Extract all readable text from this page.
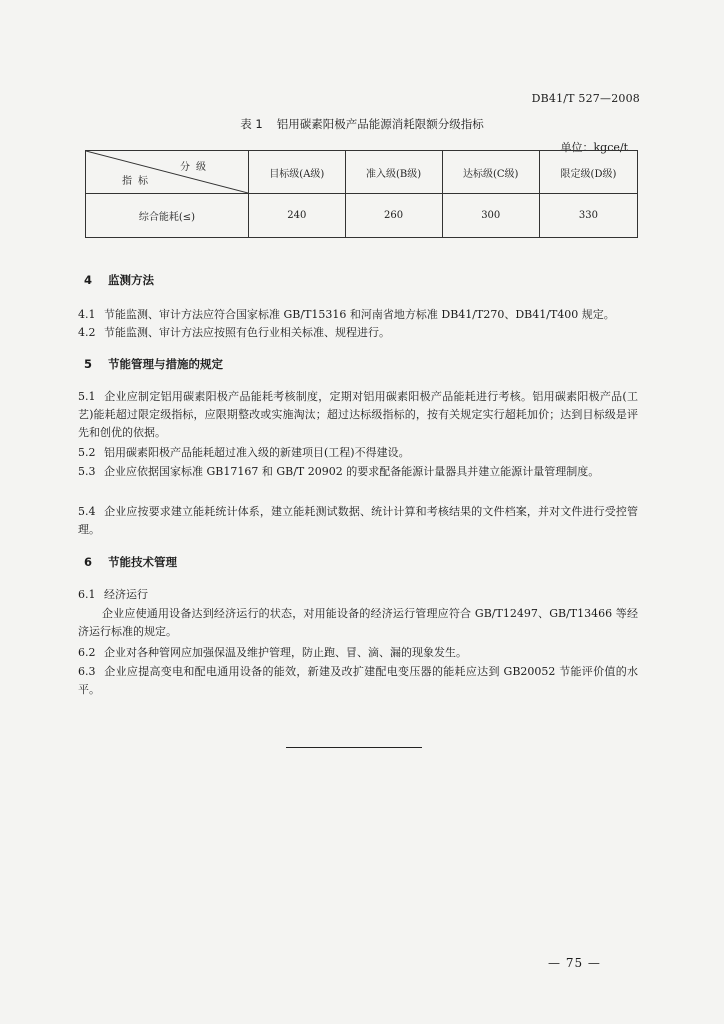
DB41/T 527—2008
表 1 铝用碳素阳极产品能源消耗限额分级指标
单位：kgce/t
分级
指标	目标级(A级)	准入级(B级)	达标级(C级)	限定级(D级)
综合能耗(≤)	240	260	300	330
4 监测方法
4.1 节能监测、审计方法应符合国家标准 GB/T15316 和河南省地方标准 DB41/T270、DB41/T400 规定。
4.2 节能监测、审计方法应按照有色行业相关标准、规程进行。
5 节能管理与措施的规定
5.1 企业应制定铝用碳素阳极产品能耗考核制度，定期对铝用碳素阳极产品能耗进行考核。铝用碳素阳极产品(工艺)能耗超过限定级指标，应限期整改或实施淘汰；超过达标级指标的，按有关规定实行超耗加价；达到目标级是评先和创优的依据。
5.2 铝用碳素阳极产品能耗超过准入级的新建项目(工程)不得建设。
5.3 企业应依据国家标准 GB17167 和 GB/T 20902 的要求配备能源计量器具并建立能源计量管理制度。
5.4 企业应按要求建立能耗统计体系，建立能耗测试数据、统计计算和考核结果的文件档案，并对文件进行受控管理。
6 节能技术管理
6.1 经济运行
企业应使通用设备达到经济运行的状态，对用能设备的经济运行管理应符合 GB/T12497、GB/T13466 等经济运行标准的规定。
6.2 企业对各种管网应加强保温及维护管理，防止跑、冒、滴、漏的现象发生。
6.3 企业应提高变电和配电通用设备的能效，新建及改扩建配电变压器的能耗应达到 GB20052 节能评价值的水平。
— 75 —
